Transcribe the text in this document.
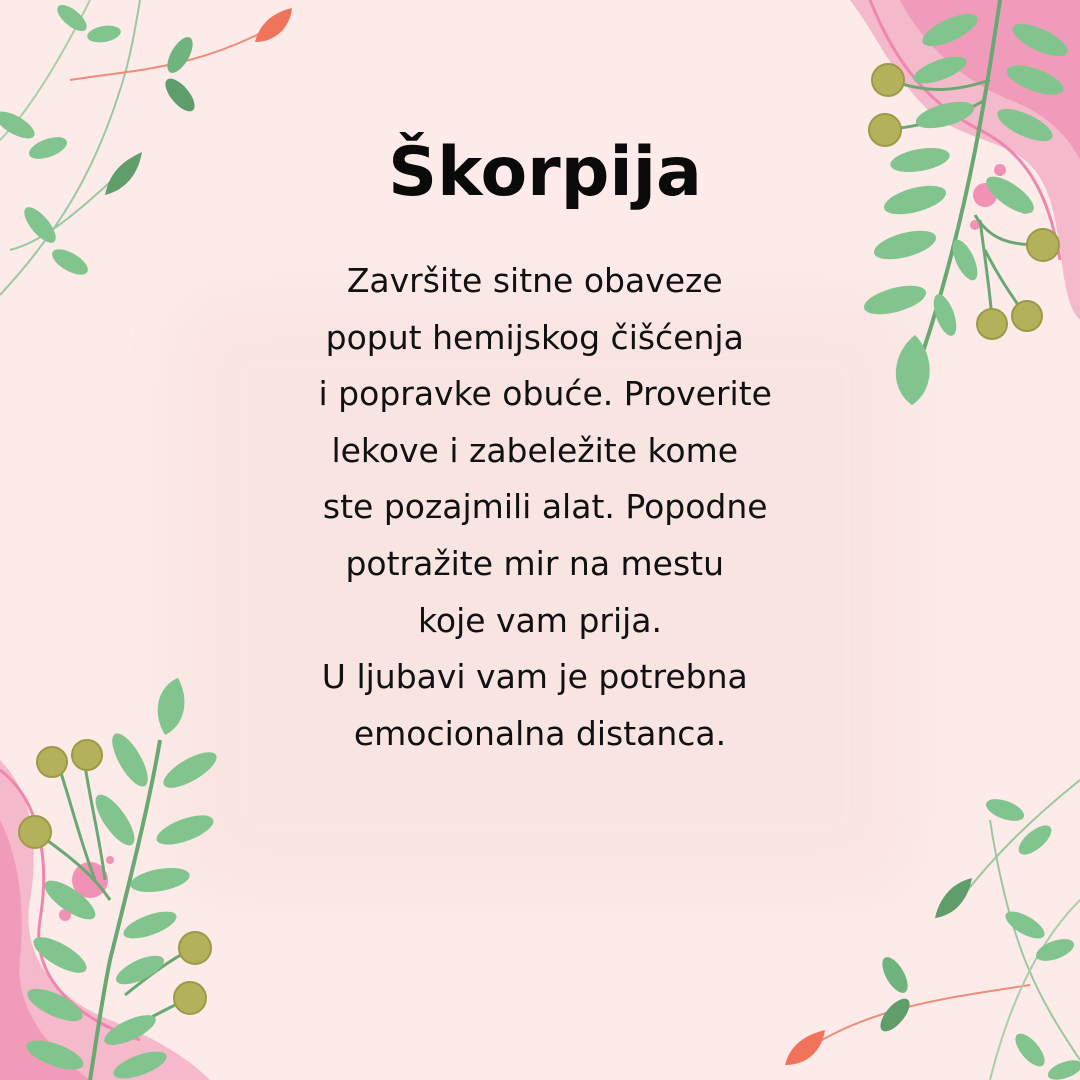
Škorpija
Završite sitne obaveze
poput hemijskog čišćenja
i popravke obuće. Proverite
lekove i zabeležite kome
ste pozajmili alat. Popodne
potražite mir na mestu
koje vam prija.
U ljubavi vam je potrebna
emocionalna distanca.
